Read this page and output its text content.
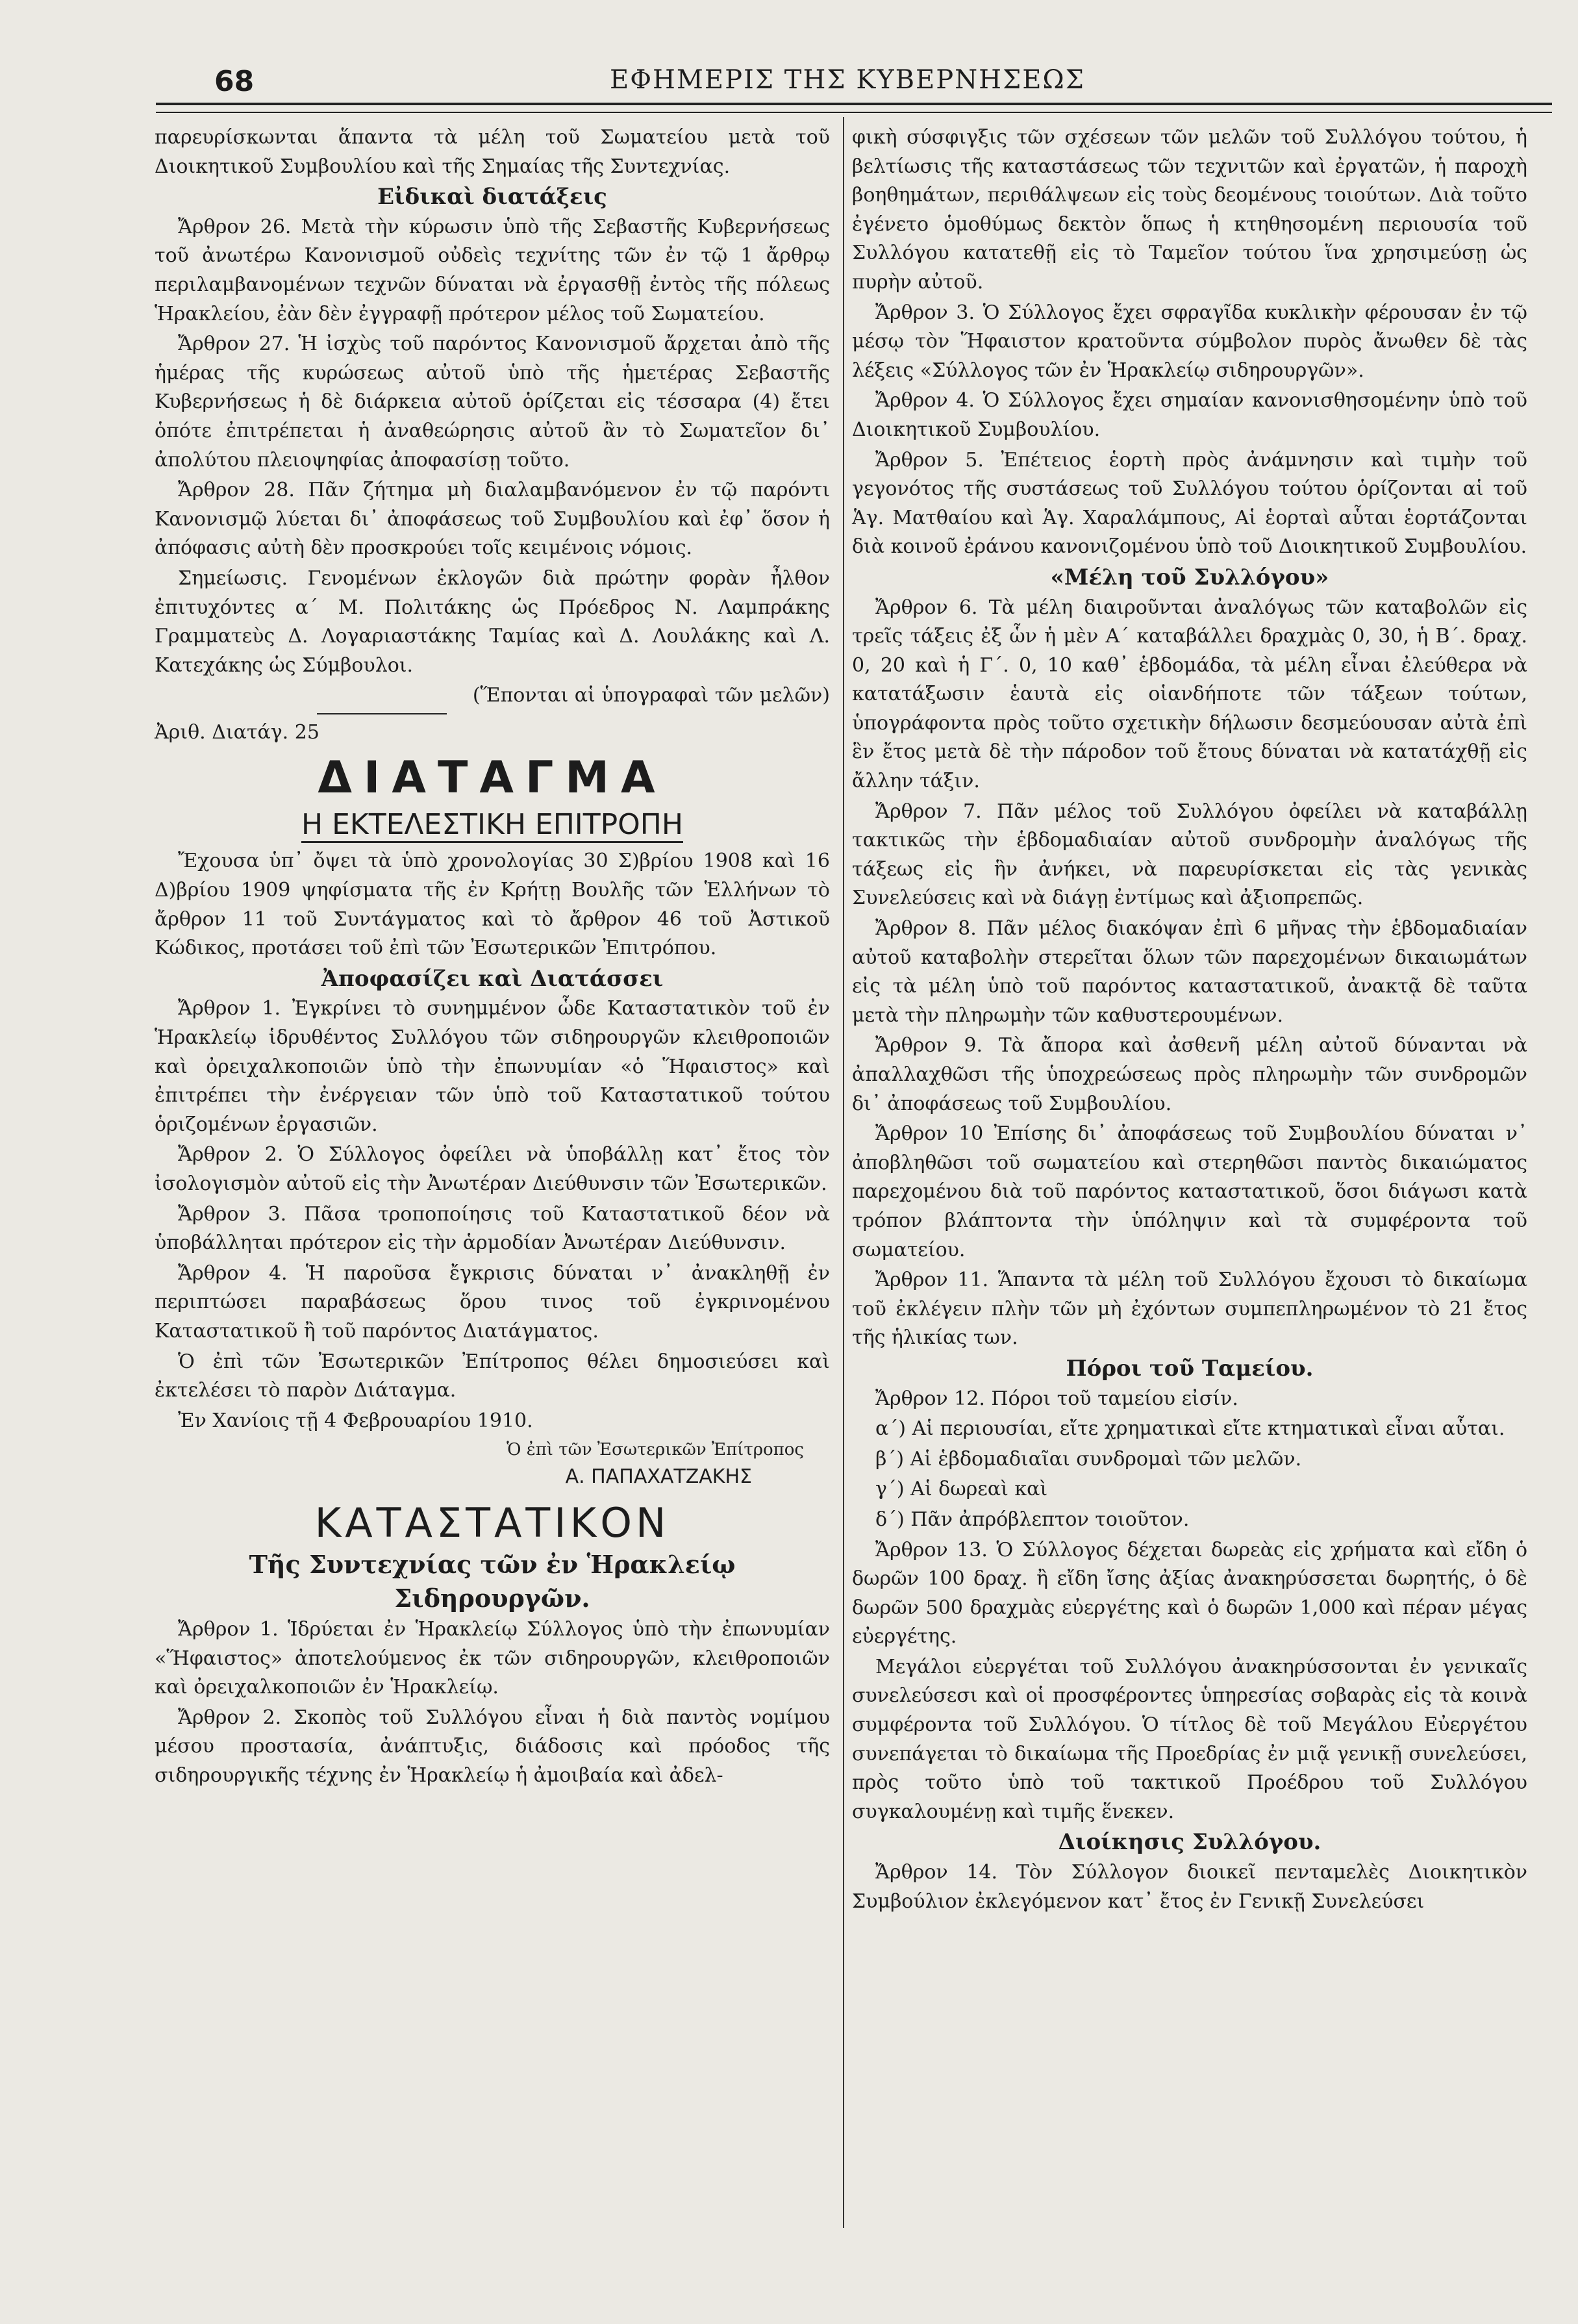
68	ΕΦΗΜΕΡΙΣ ΤΗΣ ΚΥΒΕΡΝΗΣΕΩΣ

παρευρίσκωνται ἅπαντα τὰ μέλη τοῦ Σωματείου μετὰ τοῦ Διοικητικοῦ Συμβουλίου καὶ τῆς Σημαίας τῆς Συντεχνίας.

Εἰδικαὶ διατάξεις

Ἄρθρον 26. Μετὰ τὴν κύρωσιν ὑπὸ τῆς Σεβαστῆς Κυβερνήσεως τοῦ ἀνωτέρω Κανονισμοῦ οὐδεὶς τεχνίτης τῶν ἐν τῷ 1 ἄρθρῳ περιλαμβανομένων τεχνῶν δύναται νὰ ἐργασθῇ ἐντὸς τῆς πόλεως Ἡρακλείου, ἐὰν δὲν ἐγγραφῇ πρότερον μέλος τοῦ Σωματείου.

Ἄρθρον 27. Ἡ ἰσχὺς τοῦ παρόντος Κανονισμοῦ ἄρχεται ἀπὸ τῆς ἡμέρας τῆς κυρώσεως αὐτοῦ ὑπὸ τῆς ἡμετέρας Σεβαστῆς Κυβερνήσεως ἡ δὲ διάρκεια αὐτοῦ ὁρίζεται εἰς τέσσαρα (4) ἔτει ὁπότε ἐπιτρέπεται ἡ ἀναθεώρησις αὐτοῦ ἂν τὸ Σωματεῖον δι᾽ ἀπολύτου πλειοψηφίας ἀποφασίσῃ τοῦτο.

Ἄρθρον 28. Πᾶν ζήτημα μὴ διαλαμβανόμενον ἐν τῷ παρόντι Κανονισμῷ λύεται δι᾽ ἀποφάσεως τοῦ Συμβουλίου καὶ ἐφ᾽ ὅσον ἡ ἀπόφασις αὐτὴ δὲν προσκρούει τοῖς κειμένοις νόμοις.

Σημείωσις. Γενομένων ἐκλογῶν διὰ πρώτην φορὰν ἦλθον ἐπιτυχόντες α´ Μ. Πολιτάκης ὡς Πρόεδρος Ν. Λαμπράκης Γραμματεὺς Δ. Λογαριαστάκης Ταμίας καὶ Δ. Λουλάκης καὶ Λ. Κατεχάκης ὡς Σύμβουλοι.

(Ἕπονται αἱ ὑπογραφαὶ τῶν μελῶν)

Ἀριθ. Διατάγ. 25

ΔΙΑΤΑΓΜΑ
Η ΕΚΤΕΛΕΣΤΙΚΗ ΕΠΙΤΡΟΠΗ

Ἔχουσα ὑπ᾽ ὄψει τὰ ὑπὸ χρονολογίας 30 Σ)βρίου 1908 καὶ 16 Δ)βρίου 1909 ψηφίσματα τῆς ἐν Κρήτῃ Βουλῆς τῶν Ἑλλήνων τὸ ἄρθρον 11 τοῦ Συντάγματος καὶ τὸ ἄρθρον 46 τοῦ Ἀστικοῦ Κώδικος, προτάσει τοῦ ἐπὶ τῶν Ἐσωτερικῶν Ἐπιτρόπου.

Ἀποφασίζει καὶ Διατάσσει

Ἄρθρον 1. Ἐγκρίνει τὸ συνημμένον ὧδε Καταστατικὸν τοῦ ἐν Ἡρακλείῳ ἱδρυθέντος Συλλόγου τῶν σιδηρουργῶν κλειθροποιῶν καὶ ὀρειχαλκοποιῶν ὑπὸ τὴν ἐπωνυμίαν «ὁ Ἥφαιστος» καὶ ἐπιτρέπει τὴν ἐνέργειαν τῶν ὑπὸ τοῦ Καταστατικοῦ τούτου ὁριζομένων ἐργασιῶν.

Ἄρθρον 2. Ὁ Σύλλογος ὀφείλει νὰ ὑποβάλλῃ κατ᾽ ἔτος τὸν ἰσολογισμὸν αὐτοῦ εἰς τὴν Ἀνωτέραν Διεύθυνσιν τῶν Ἐσωτερικῶν.

Ἄρθρον 3. Πᾶσα τροποποίησις τοῦ Καταστατικοῦ δέον νὰ ὑποβάλληται πρότερον εἰς τὴν ἁρμοδίαν Ἀνωτέραν Διεύθυνσιν.

Ἄρθρον 4. Ἡ παροῦσα ἔγκρισις δύναται ν᾽ ἀνακληθῇ ἐν περιπτώσει παραβάσεως ὅρου τινος τοῦ ἐγκρινομένου Καταστατικοῦ ἢ τοῦ παρόντος Διατάγματος.

Ὁ ἐπὶ τῶν Ἐσωτερικῶν Ἐπίτροπος θέλει δημοσιεύσει καὶ ἐκτελέσει τὸ παρὸν Διάταγμα.

Ἐν Χανίοις τῇ 4 Φεβρουαρίου 1910.

Ὁ ἐπὶ τῶν Ἐσωτερικῶν Ἐπίτροπος
Α. ΠΑΠΑΧΑΤΖΑΚΗΣ
ΚΑΤΑΣΤΑΤΙΚΟΝ
Τῆς Συντεχνίας τῶν ἐν Ἡρακλείῳ
Σιδηρουργῶν.

Ἄρθρον 1. Ἱδρύεται ἐν Ἡρακλείῳ Σύλλογος ὑπὸ τὴν ἐπωνυμίαν «Ἥφαιστος» ἀποτελούμενος ἐκ τῶν σιδηρουργῶν, κλειθροποιῶν καὶ ὀρειχαλκοποιῶν ἐν Ἡρακλείῳ.

Ἄρθρον 2. Σκοπὸς τοῦ Συλλόγου εἶναι ἡ διὰ παντὸς νομίμου μέσου προστασία, ἀνάπτυξις, διάδοσις καὶ πρόοδος τῆς σιδηρουργικῆς τέχνης ἐν Ἡρακλείῳ ἡ ἀμοιβαία καὶ ἀδελ-

φικὴ σύσφιγξις τῶν σχέσεων τῶν μελῶν τοῦ Συλλόγου τούτου, ἡ βελτίωσις τῆς καταστάσεως τῶν τεχνιτῶν καὶ ἐργατῶν, ἡ παροχὴ βοηθημάτων, περιθάλψεων εἰς τοὺς δεομένους τοιούτων. Διὰ τοῦτο ἐγένετο ὁμοθύμως δεκτὸν ὅπως ἡ κτηθησομένη περιουσία τοῦ Συλλόγου κατατεθῇ εἰς τὸ Ταμεῖον τούτου ἵνα χρησιμεύσῃ ὡς πυρὴν αὐτοῦ.

Ἄρθρον 3. Ὁ Σύλλογος ἔχει σφραγῖδα κυκλικὴν φέρουσαν ἐν τῷ μέσῳ τὸν Ἥφαιστον κρατοῦντα σύμβολον πυρὸς ἄνωθεν δὲ τὰς λέξεις «Σύλλογος τῶν ἐν Ἡρακλείῳ σιδηρουργῶν».

Ἄρθρον 4. Ὁ Σύλλογος ἔχει σημαίαν κανονισθησομένην ὑπὸ τοῦ Διοικητικοῦ Συμβουλίου.

Ἄρθρον 5. Ἐπέτειος ἑορτὴ πρὸς ἀνάμνησιν καὶ τιμὴν τοῦ γεγονότος τῆς συστάσεως τοῦ Συλλόγου τούτου ὁρίζονται αἱ τοῦ Ἁγ. Ματθαίου καὶ Ἁγ. Χαραλάμπους, Αἱ ἑορταὶ αὗται ἑορτάζονται διὰ κοινοῦ ἐράνου κανονιζομένου ὑπὸ τοῦ Διοικητικοῦ Συμβουλίου.

«Μέλη τοῦ Συλλόγου»

Ἄρθρον 6. Τὰ μέλη διαιροῦνται ἀναλόγως τῶν καταβολῶν εἰς τρεῖς τάξεις ἐξ ὧν ἡ μὲν Α´ καταβάλλει δραχμὰς 0, 30, ἡ Β´. δραχ. 0, 20 καὶ ἡ Γ´. 0, 10 καθ᾽ ἑβδομάδα, τὰ μέλη εἶναι ἐλεύθερα νὰ κατατάξωσιν ἑαυτὰ εἰς οἱανδήποτε τῶν τάξεων τούτων, ὑπογράφοντα πρὸς τοῦτο σχετικὴν δήλωσιν δεσμεύουσαν αὐτὰ ἐπὶ ἓν ἔτος μετὰ δὲ τὴν πάροδον τοῦ ἔτους δύναται νὰ κατατάχθῇ εἰς ἄλλην τάξιν.

Ἄρθρον 7. Πᾶν μέλος τοῦ Συλλόγου ὀφείλει νὰ καταβάλλῃ τακτικῶς τὴν ἑβδομαδιαίαν αὐτοῦ συνδρομὴν ἀναλόγως τῆς τάξεως εἰς ἣν ἀνήκει, νὰ παρευρίσκεται εἰς τὰς γενικὰς Συνελεύσεις καὶ νὰ διάγῃ ἐντίμως καὶ ἀξιοπρεπῶς.

Ἄρθρον 8. Πᾶν μέλος διακόψαν ἐπὶ 6 μῆνας τὴν ἑβδομαδιαίαν αὐτοῦ καταβολὴν στερεῖται ὅλων τῶν παρεχομένων δικαιωμάτων εἰς τὰ μέλη ὑπὸ τοῦ παρόντος καταστατικοῦ, ἀνακτᾷ δὲ ταῦτα μετὰ τὴν πληρωμὴν τῶν καθυστερουμένων.

Ἄρθρον 9. Τὰ ἄπορα καὶ ἀσθενῆ μέλη αὐτοῦ δύνανται νὰ ἀπαλλαχθῶσι τῆς ὑποχρεώσεως πρὸς πληρωμὴν τῶν συνδρομῶν δι᾽ ἀποφάσεως τοῦ Συμβουλίου.

Ἄρθρον 10 Ἐπίσης δι᾽ ἀποφάσεως τοῦ Συμβουλίου δύναται ν᾽ ἀποβληθῶσι τοῦ σωματείου καὶ στερηθῶσι παντὸς δικαιώματος παρεχομένου διὰ τοῦ παρόντος καταστατικοῦ, ὅσοι διάγωσι κατὰ τρόπον βλάπτοντα τὴν ὑπόληψιν καὶ τὰ συμφέροντα τοῦ σωματείου.

Ἄρθρον 11. Ἅπαντα τὰ μέλη τοῦ Συλλόγου ἔχουσι τὸ δικαίωμα τοῦ ἐκλέγειν πλὴν τῶν μὴ ἐχόντων συμπεπληρωμένον τὸ 21 ἔτος τῆς ἡλικίας των.

Πόροι τοῦ Ταμείου.

Ἄρθρον 12. Πόροι τοῦ ταμείου εἰσίν.

α´) Αἱ περιουσίαι, εἴτε χρηματικαὶ εἴτε κτηματικαὶ εἶναι αὗται.

β´) Αἱ ἑβδομαδιαῖαι συνδρομαὶ τῶν μελῶν.

γ´) Αἱ δωρεαὶ καὶ

δ´) Πᾶν ἀπρόβλεπτον τοιοῦτον.

Ἄρθρον 13. Ὁ Σύλλογος δέχεται δωρεὰς εἰς χρήματα καὶ εἴδη ὁ δωρῶν 100 δραχ. ἢ εἴδη ἴσης ἀξίας ἀνακηρύσσεται δωρητής, ὁ δὲ δωρῶν 500 δραχμὰς εὐεργέτης καὶ ὁ δωρῶν 1,000 καὶ πέραν μέγας εὐεργέτης.

Μεγάλοι εὐεργέται τοῦ Συλλόγου ἀνακηρύσσονται ἐν γενικαῖς συνελεύσεσι καὶ οἱ προσφέροντες ὑπηρεσίας σοβαρὰς εἰς τὰ κοινὰ συμφέροντα τοῦ Συλλόγου. Ὁ τίτλος δὲ τοῦ Μεγάλου Εὐεργέτου συνεπάγεται τὸ δικαίωμα τῆς Προεδρίας ἐν μιᾷ γενικῇ συνελεύσει, πρὸς τοῦτο ὑπὸ τοῦ τακτικοῦ Προέδρου τοῦ Συλλόγου συγκαλουμένῃ καὶ τιμῆς ἕνεκεν.

Διοίκησις Συλλόγου.

Ἄρθρον 14. Τὸν Σύλλογον διοικεῖ πενταμελὲς Διοικητικὸν Συμβούλιον ἐκλεγόμενον κατ᾽ ἔτος ἐν Γενικῇ Συνελεύσει
